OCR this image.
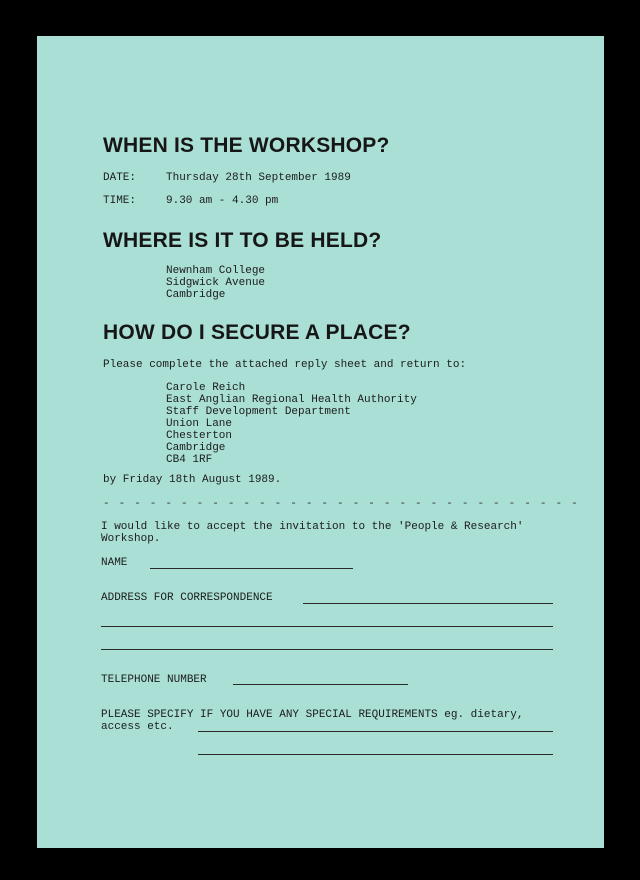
WHEN IS THE WORKSHOP?
DATE:	Thursday 28th September 1989
TIME:	9.30 am - 4.30 pm
WHERE IS IT TO BE HELD?
Newnham College
Sidgwick Avenue
Cambridge
HOW DO I SECURE A PLACE?
Please complete the attached reply sheet and return to:
Carole Reich
East Anglian Regional Health Authority
Staff Development Department
Union Lane
Chesterton
Cambridge
CB4 1RF
by Friday 18th August 1989.
- - - - - - - - - - - - - - - - - - - - - - - - - - - - - - -
I would like to accept the invitation to the 'People & Research'
Workshop.
NAME
ADDRESS FOR CORRESPONDENCE
TELEPHONE NUMBER
PLEASE SPECIFY IF YOU HAVE ANY SPECIAL REQUIREMENTS eg. dietary,
access etc.
